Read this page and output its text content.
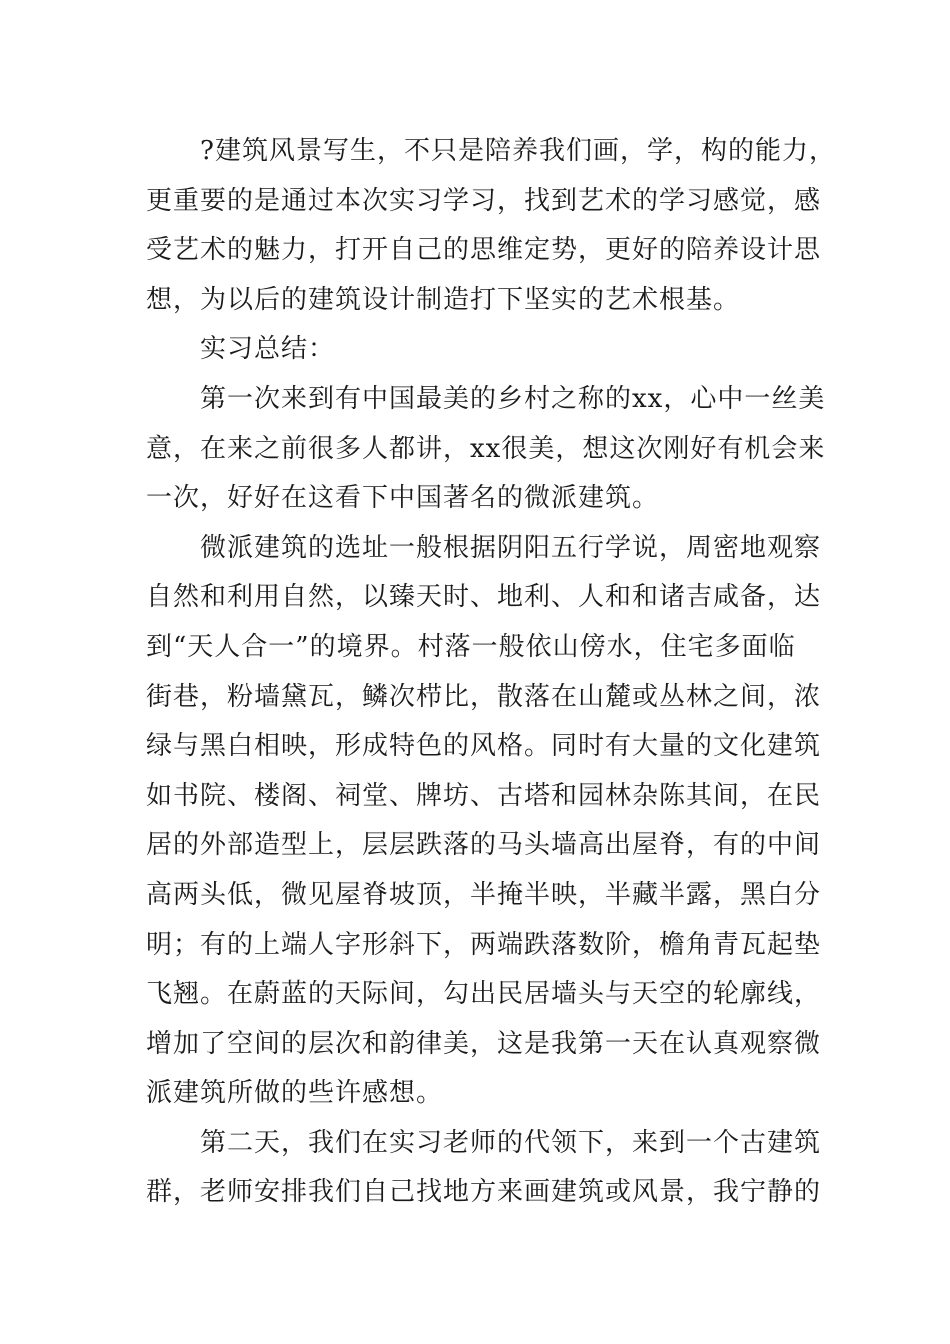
?建筑风景写生，不只是陪养我们画，学，构的能力，
更重要的是通过本次实习学习，找到艺术的学习感觉，感
受艺术的魅力，打开自己的思维定势，更好的陪养设计思
想，为以后的建筑设计制造打下坚实的艺术根基。
实习总结：
第一次来到有中国最美的乡村之称的xx，心中一丝美
意，在来之前很多人都讲，xx很美，想这次刚好有机会来
一次，好好在这看下中国著名的微派建筑。
微派建筑的选址一般根据阴阳五行学说，周密地观察
自然和利用自然，以臻天时、地利、人和和诸吉咸备，达
到“天人合一”的境界。村落一般依山傍水，住宅多面临
街巷，粉墙黛瓦，鳞次栉比，散落在山麓或丛林之间，浓
绿与黑白相映，形成特色的风格。同时有大量的文化建筑
如书院、楼阁、祠堂、牌坊、古塔和园林杂陈其间，在民
居的外部造型上，层层跌落的马头墙高出屋脊，有的中间
高两头低，微见屋脊坡顶，半掩半映，半藏半露，黑白分
明；有的上端人字形斜下，两端跌落数阶，檐角青瓦起垫
飞翘。在蔚蓝的天际间，勾出民居墙头与天空的轮廓线，
增加了空间的层次和韵律美，这是我第一天在认真观察微
派建筑所做的些许感想。
第二天，我们在实习老师的代领下，来到一个古建筑
群，老师安排我们自己找地方来画建筑或风景，我宁静的
